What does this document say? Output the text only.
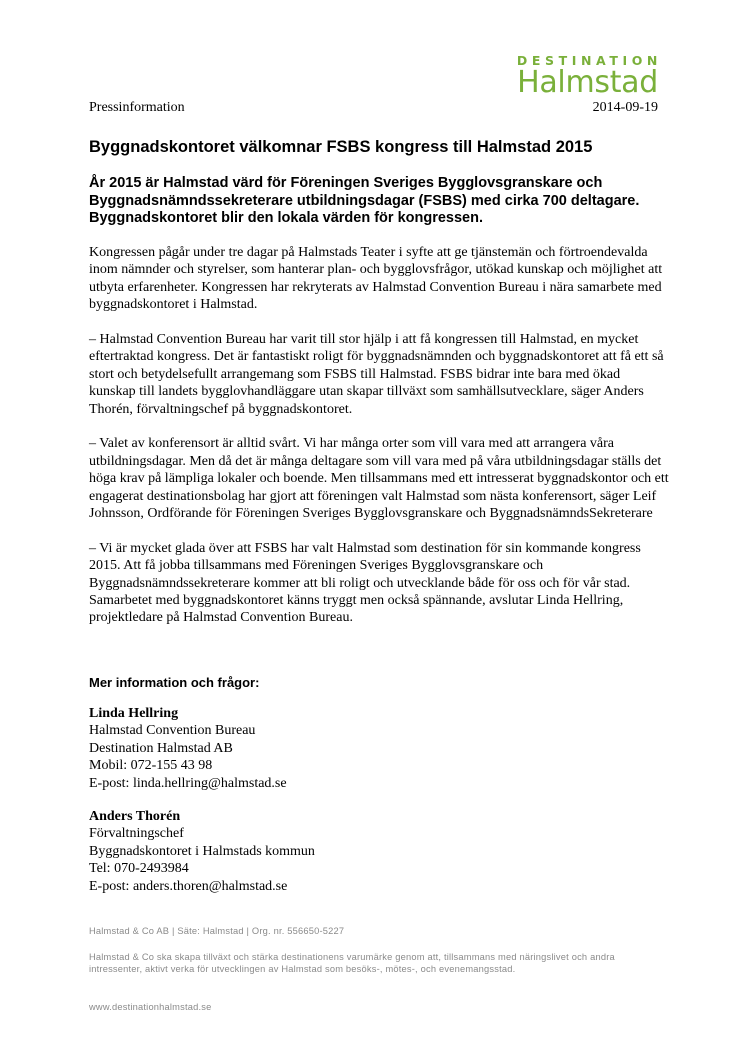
DESTINATION
Halmstad
Pressinformation	2014-09-19
Byggnadskontoret välkomnar FSBS kongress till Halmstad 2015
År 2015 är Halmstad värd för Föreningen Sveriges Bygglovsgranskare och Byggnadsnämndssekreterare utbildningsdagar (FSBS) med cirka 700 deltagare. Byggnadskontoret blir den lokala värden för kongressen.

Kongressen pågår under tre dagar på Halmstads Teater i syfte att ge tjänstemän och förtroendevalda inom nämnder och styrelser, som hanterar plan- och bygglovsfrågor, utökad kunskap och möjlighet att utbyta erfarenheter. Kongressen har rekryterats av Halmstad Convention Bureau i nära samarbete med byggnadskontoret i Halmstad.

– Halmstad Convention Bureau har varit till stor hjälp i att få kongressen till Halmstad, en mycket eftertraktad kongress. Det är fantastiskt roligt för byggnadsnämnden och byggnadskontoret att få ett så stort och betydelsefullt arrangemang som FSBS till Halmstad. FSBS bidrar inte bara med ökad kunskap till landets bygglovhandläggare utan skapar tillväxt som samhällsutvecklare, säger Anders Thorén, förvaltningschef på byggnadskontoret.

– Valet av konferensort är alltid svårt. Vi har många orter som vill vara med att arrangera våra utbildningsdagar. Men då det är många deltagare som vill vara med på våra utbildningsdagar ställs det höga krav på lämpliga lokaler och boende. Men tillsammans med ett intresserat byggnadskontor och ett engagerat destinationsbolag har gjort att föreningen valt Halmstad som nästa konferensort, säger Leif Johnsson, Ordförande för Föreningen Sveriges Bygglovsgranskare och ByggnadsnämndsSekreterare

– Vi är mycket glada över att FSBS har valt Halmstad som destination för sin kommande kongress 2015. Att få jobba tillsammans med Föreningen Sveriges Bygglovsgranskare och Byggnadsnämndssekreterare kommer att bli roligt och utvecklande både för oss och för vår stad. Samarbetet med byggnadskontoret känns tryggt men också spännande, avslutar Linda Hellring, projektledare på Halmstad Convention Bureau.

Mer information och frågor:
Linda Hellring
Halmstad Convention Bureau
Destination Halmstad AB
Mobil: 072-155 43 98
E-post: linda.hellring@halmstad.se
Anders Thorén
Förvaltningschef
Byggnadskontoret i Halmstads kommun
Tel: 070-2493984
E-post: anders.thoren@halmstad.se
Halmstad & Co AB | Säte: Halmstad | Org. nr. 556650-5227
Halmstad & Co ska skapa tillväxt och stärka destinationens varumärke genom att, tillsammans med näringslivet och andra intressenter, aktivt verka för utvecklingen av Halmstad som besöks-, mötes-, och evenemangsstad.
www.destinationhalmstad.se
